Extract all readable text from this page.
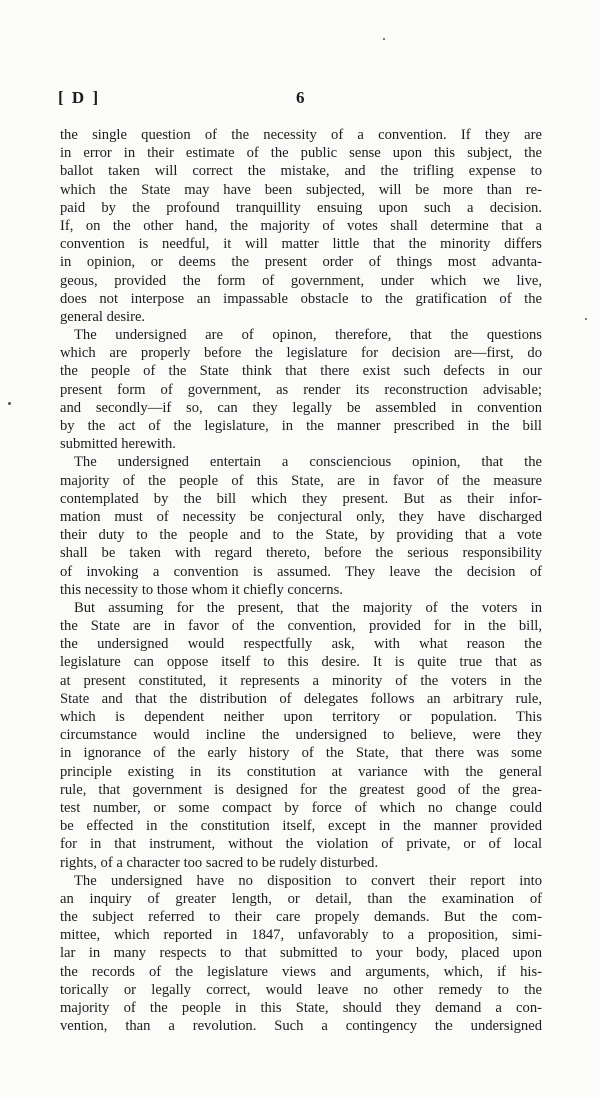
[ D ]	6
the single question of the necessity of a convention. If they are
in error in their estimate of the public sense upon this subject, the
ballot taken will correct the mistake, and the trifling expense to
which the State may have been subjected, will be more than re-
paid by the profound tranquillity ensuing upon such a decision.
If, on the other hand, the majority of votes shall determine that a
convention is needful, it will matter little that the minority differs
in opinion, or deems the present order of things most advanta-
geous, provided the form of government, under which we live,
does not interpose an impassable obstacle to the gratification of the
general desire.
The undersigned are of opinon, therefore, that the questions
which are properly before the legislature for decision are—first, do
the people of the State think that there exist such defects in our
present form of government, as render its reconstruction advisable;
and secondly—if so, can they legally be assembled in convention
by the act of the legislature, in the manner prescribed in the bill
submitted herewith.
The undersigned entertain a consciencious opinion, that the
majority of the people of this State, are in favor of the measure
contemplated by the bill which they present. But as their infor-
mation must of necessity be conjectural only, they have discharged
their duty to the people and to the State, by providing that a vote
shall be taken with regard thereto, before the serious responsibility
of invoking a convention is assumed. They leave the decision of
this necessity to those whom it chiefly concerns.
But assuming for the present, that the majority of the voters in
the State are in favor of the convention, provided for in the bill,
the undersigned would respectfully ask, with what reason the
legislature can oppose itself to this desire. It is quite true that as
at present constituted, it represents a minority of the voters in the
State and that the distribution of delegates follows an arbitrary rule,
which is dependent neither upon territory or population. This
circumstance would incline the undersigned to believe, were they
in ignorance of the early history of the State, that there was some
principle existing in its constitution at variance with the general
rule, that government is designed for the greatest good of the grea-
test number, or some compact by force of which no change could
be effected in the constitution itself, except in the manner provided
for in that instrument, without the violation of private, or of local
rights, of a character too sacred to be rudely disturbed.
The undersigned have no disposition to convert their report into
an inquiry of greater length, or detail, than the examination of
the subject referred to their care propely demands. But the com-
mittee, which reported in 1847, unfavorably to a proposition, simi-
lar in many respects to that submitted to your body, placed upon
the records of the legislature views and arguments, which, if his-
torically or legally correct, would leave no other remedy to the
majority of the people in this State, should they demand a con-
vention, than a revolution. Such a contingency the undersigned
